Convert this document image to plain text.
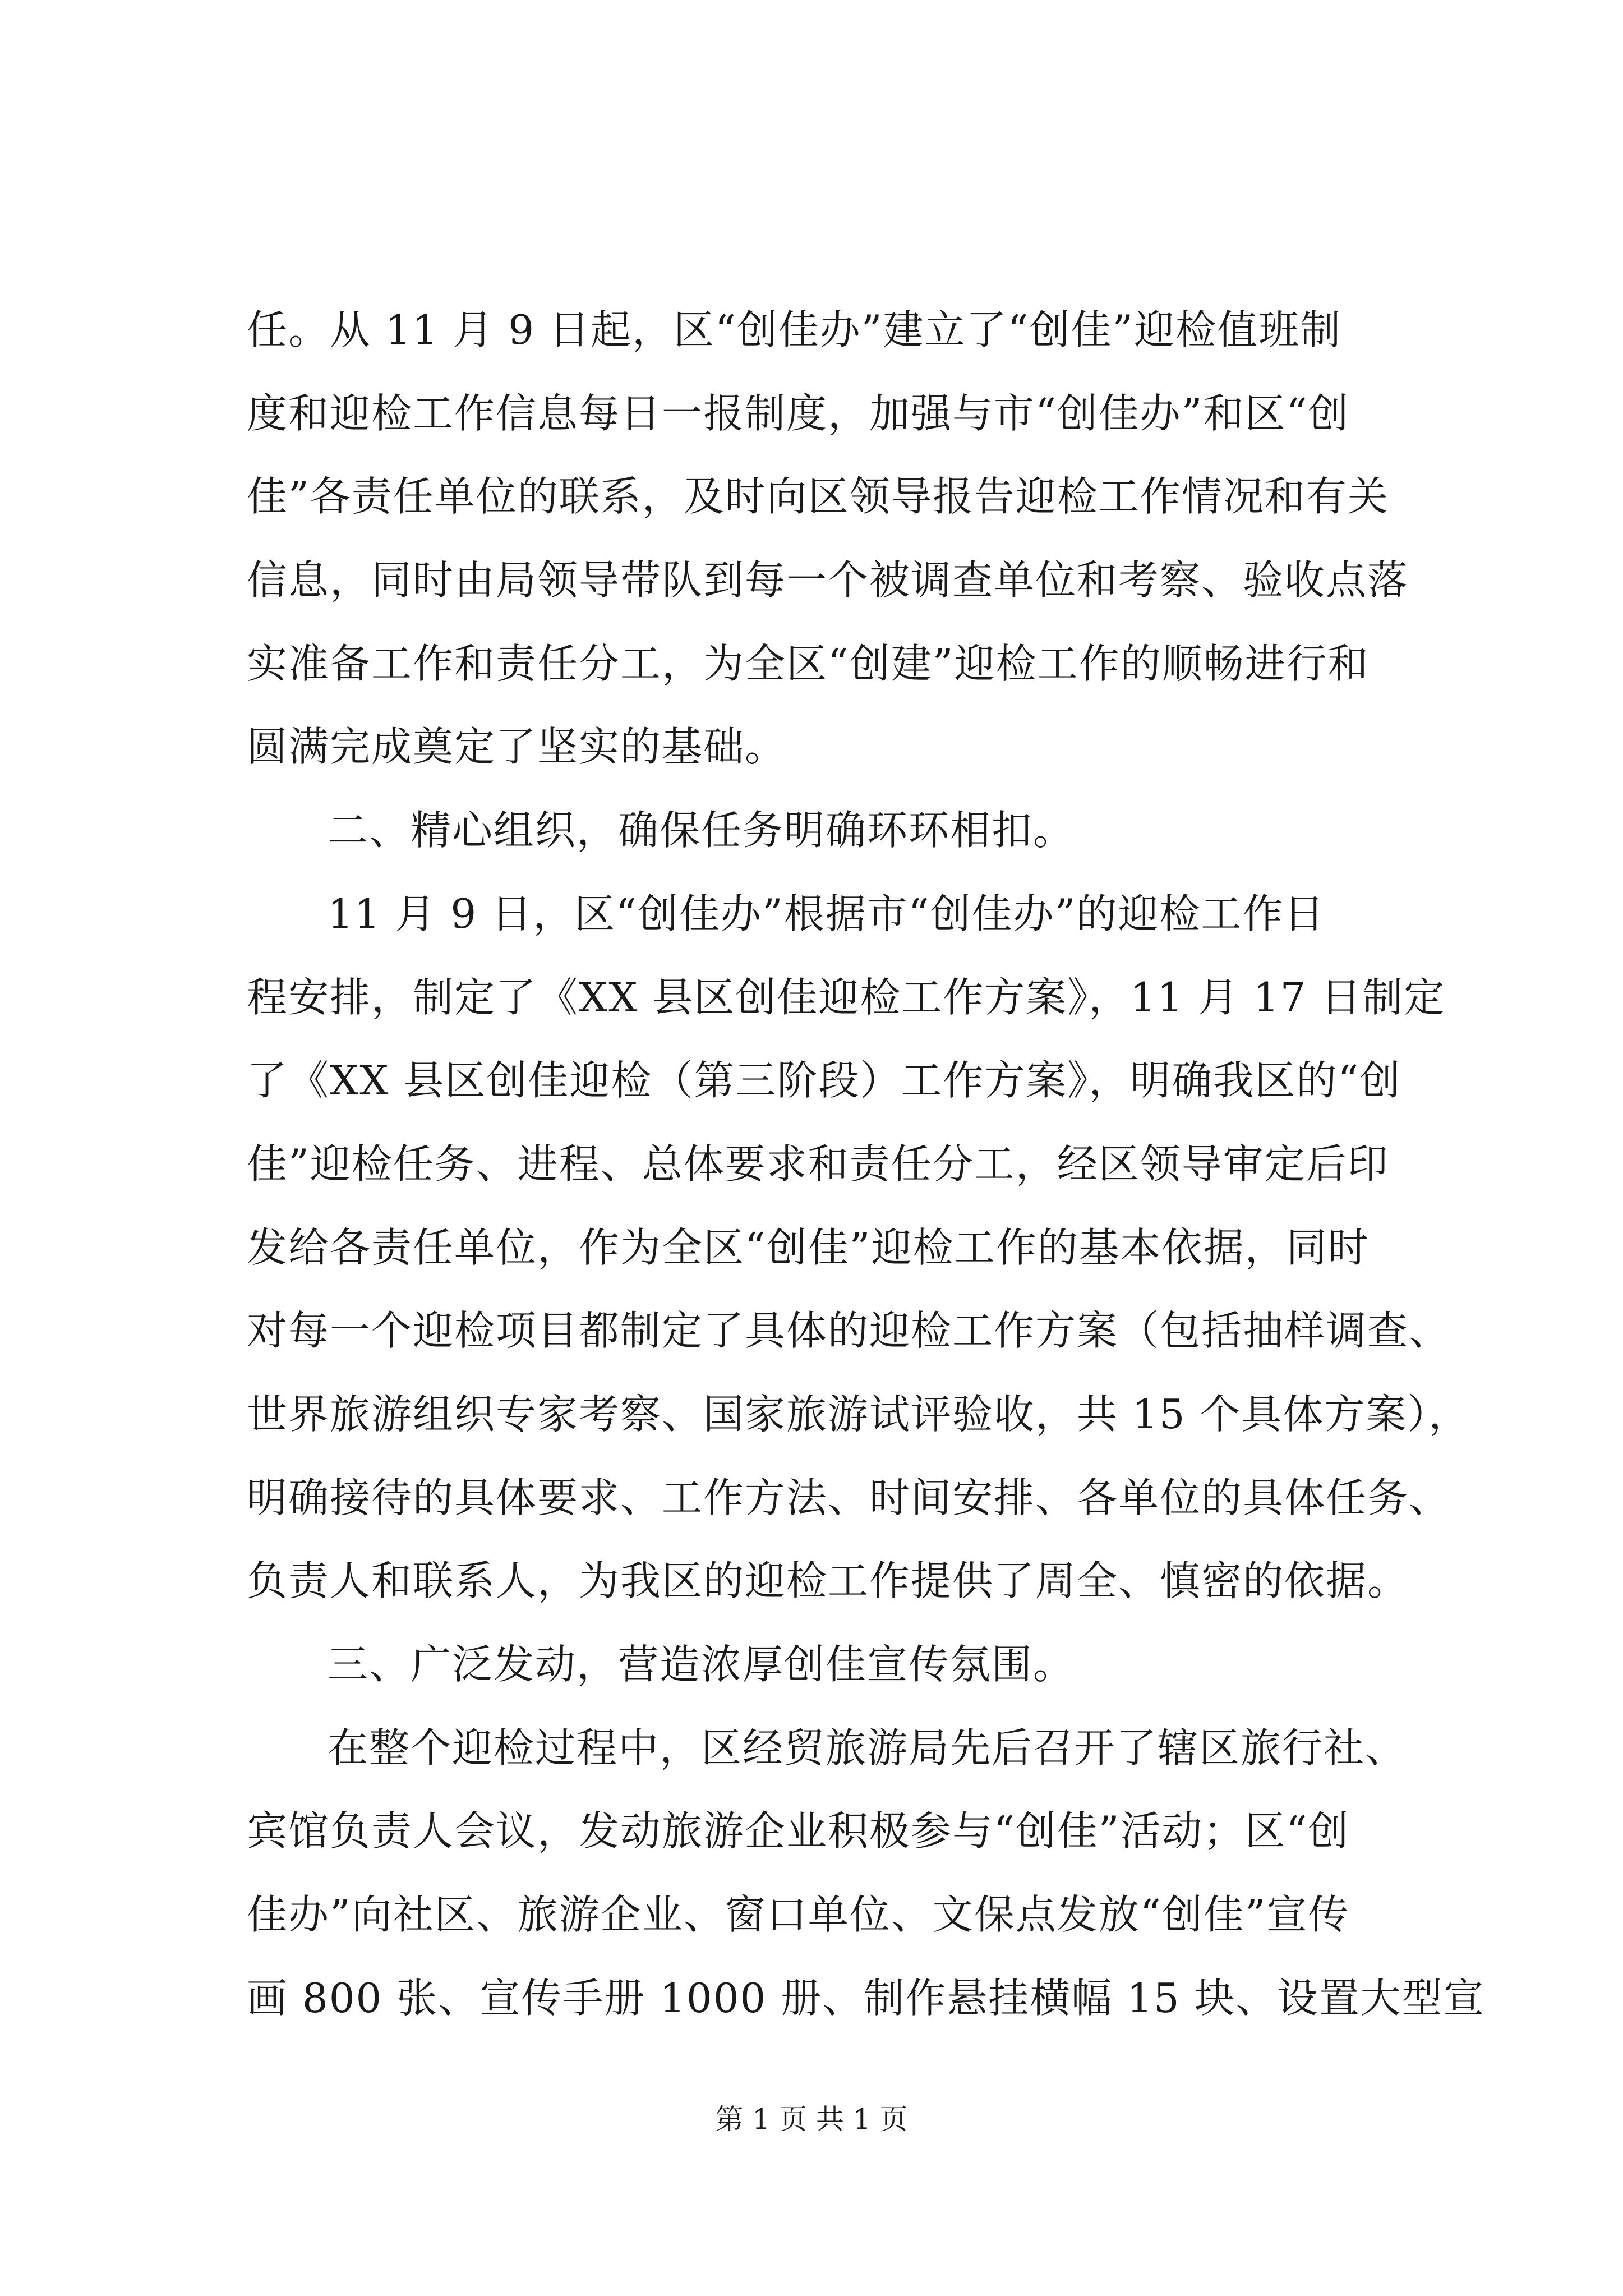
任。从 11 月 9 日起，区“创佳办”建立了“创佳”迎检值班制
度和迎检工作信息每日一报制度，加强与市“创佳办”和区“创
佳”各责任单位的联系，及时向区领导报告迎检工作情况和有关
信息，同时由局领导带队到每一个被调查单位和考察、验收点落
实准备工作和责任分工，为全区“创建”迎检工作的顺畅进行和
圆满完成奠定了坚实的基础。
二、精心组织，确保任务明确环环相扣。
11 月 9 日，区“创佳办”根据市“创佳办”的迎检工作日
程安排，制定了《XX 县区创佳迎检工作方案》，11 月 17 日制定
了《XX 县区创佳迎检（第三阶段）工作方案》，明确我区的“创
佳”迎检任务、进程、总体要求和责任分工，经区领导审定后印
发给各责任单位，作为全区“创佳”迎检工作的基本依据，同时
对每一个迎检项目都制定了具体的迎检工作方案（包括抽样调查、
世界旅游组织专家考察、国家旅游试评验收，共 15 个具体方案），
明确接待的具体要求、工作方法、时间安排、各单位的具体任务、
负责人和联系人，为我区的迎检工作提供了周全、慎密的依据。
三、广泛发动，营造浓厚创佳宣传氛围。
在整个迎检过程中，区经贸旅游局先后召开了辖区旅行社、
宾馆负责人会议，发动旅游企业积极参与“创佳”活动；区“创
佳办”向社区、旅游企业、窗口单位、文保点发放“创佳”宣传
画 800 张、宣传手册 1000 册、制作悬挂横幅 15 块、设置大型宣
第 1 页 共 1 页
